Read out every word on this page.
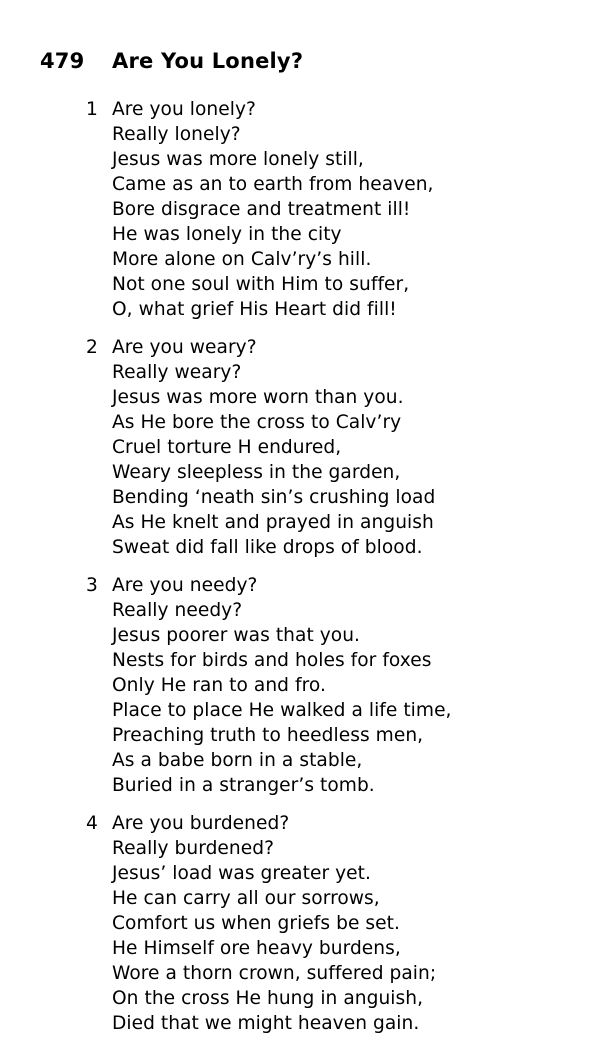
479	Are You Lonely?
1 Are you lonely?
Really lonely?
Jesus was more lonely still,
Came as an to earth from heaven,
Bore disgrace and treatment ill!
He was lonely in the city
More alone on Calv’ry’s hill.
Not one soul with Him to suffer,
O, what grief His Heart did fill!
2 Are you weary?
Really weary?
Jesus was more worn than you.
As He bore the cross to Calv’ry
Cruel torture H endured,
Weary sleepless in the garden,
Bending ‘neath sin’s crushing load
As He knelt and prayed in anguish
Sweat did fall like drops of blood.
3 Are you needy?
Really needy?
Jesus poorer was that you.
Nests for birds and holes for foxes
Only He ran to and fro.
Place to place He walked a life time,
Preaching truth to heedless men,
As a babe born in a stable,
Buried in a stranger’s tomb.
4 Are you burdened?
Really burdened?
Jesus’ load was greater yet.
He can carry all our sorrows,
Comfort us when griefs be set.
He Himself ore heavy burdens,
Wore a thorn crown, suffered pain;
On the cross He hung in anguish,
Died that we might heaven gain.
